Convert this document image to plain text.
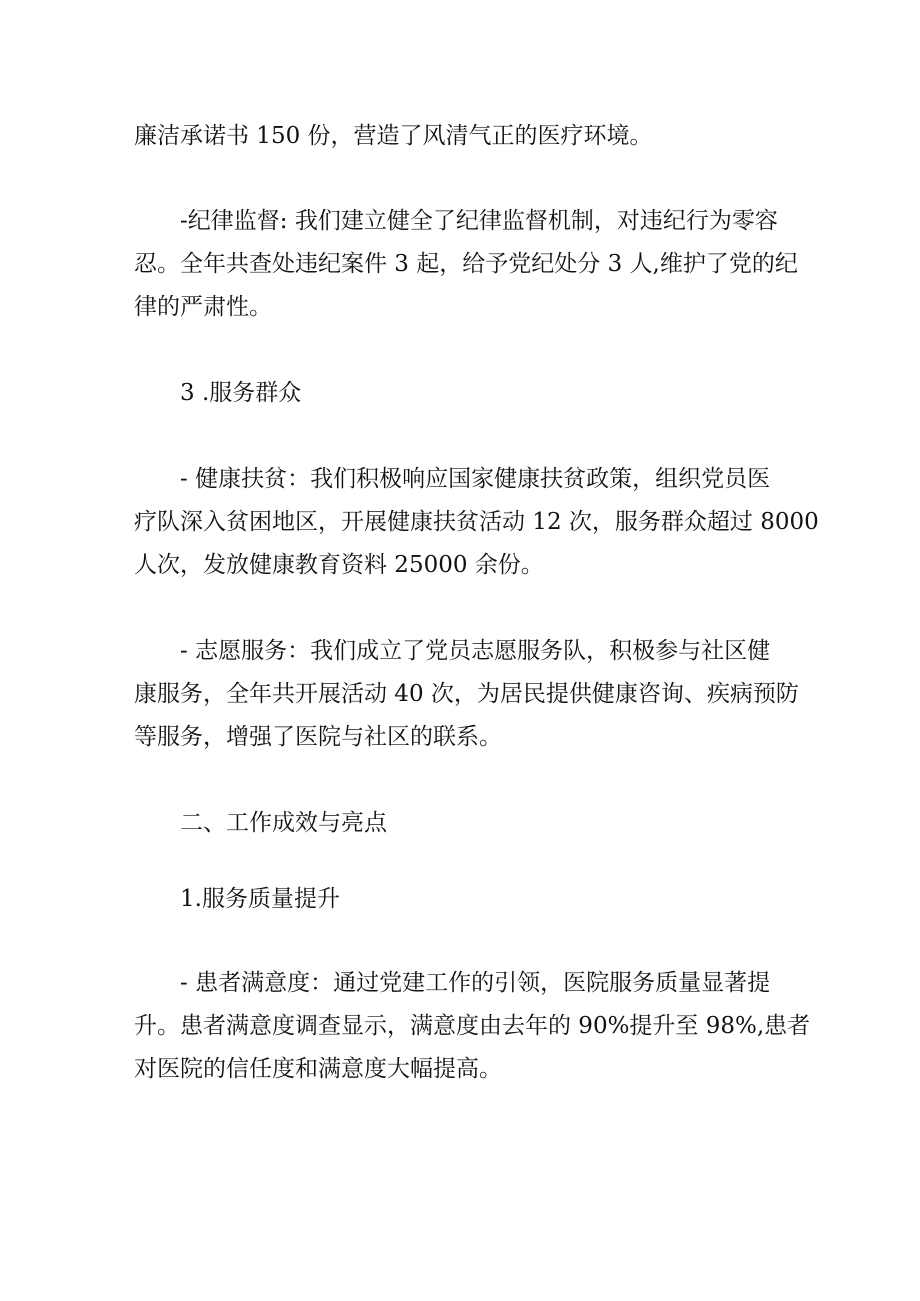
廉洁承诺书 150 份，营造了风清气正的医疗环境。

-纪律监督: 我们建立健全了纪律监督机制，对违纪行为零容
忍。全年共查处违纪案件 3 起，给予党纪处分 3 人,维护了党的纪
律的严肃性。

3 .服务群众

- 健康扶贫：我们积极响应国家健康扶贫政策，组织党员医
疗队深入贫困地区，开展健康扶贫活动 12 次，服务群众超过 8000
人次，发放健康教育资料 25000 余份。

- 志愿服务：我们成立了党员志愿服务队，积极参与社区健
康服务，全年共开展活动 40 次，为居民提供健康咨询、疾病预防
等服务，增强了医院与社区的联系。

二、工作成效与亮点

1.服务质量提升

- 患者满意度：通过党建工作的引领，医院服务质量显著提
升。患者满意度调查显示，满意度由去年的 90%提升至 98%,患者
对医院的信任度和满意度大幅提高。
